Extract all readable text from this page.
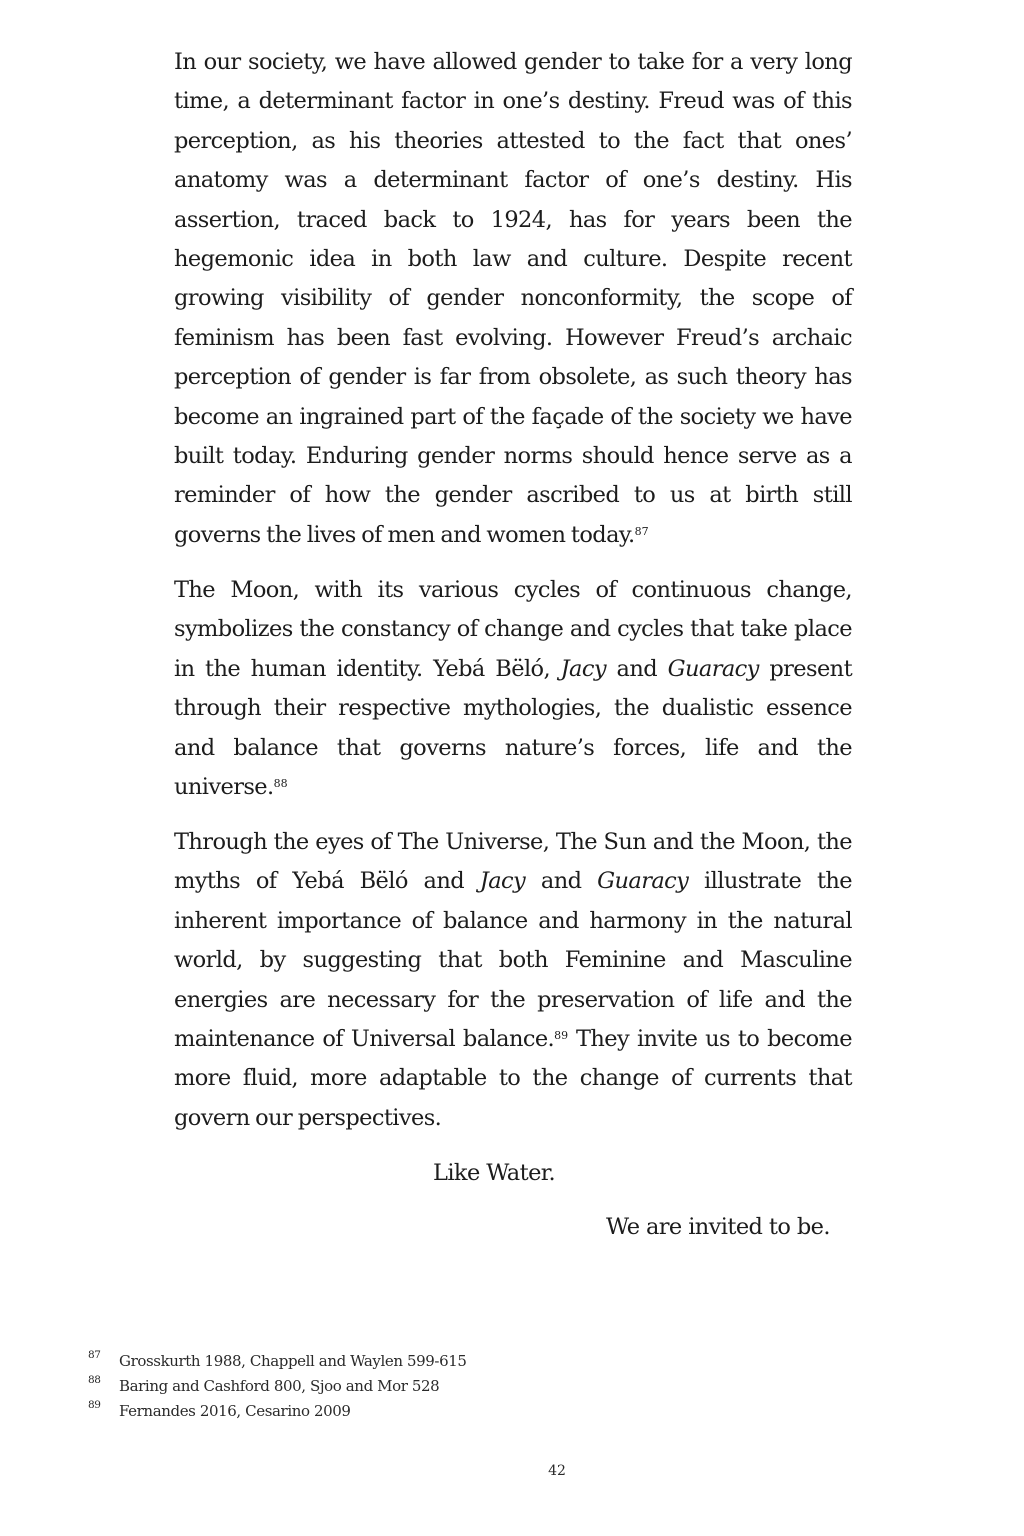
In our society, we have allowed gender to take for a very long time, a determinant factor in one’s destiny. Freud was of this perception, as his theories attested to the fact that ones’ anatomy was a determinant factor of one’s destiny. His assertion, traced back to 1924, has for years been the hegemonic idea in both law and culture. Despite recent growing visibility of gender nonconformity, the scope of feminism has been fast evolving. However Freud’s archaic perception of gender is far from obsolete, as such theory has become an ingrained part of the façade of the society we have built today. Enduring gender norms should hence serve as a reminder of how the gender ascribed to us at birth still governs the lives of men and women today.$^{87}$

The Moon, with its various cycles of continuous change, symbolizes the constancy of change and cycles that take place in the human identity. Yebá Bëló, Jacy and Guaracy present through their respective mythologies, the dualistic essence and balance that governs nature’s forces, life and the universe.$^{88}$

Through the eyes of The Universe, The Sun and the Moon, the myths of Yebá Bëló and Jacy and Guaracy illustrate the inherent importance of balance and harmony in the natural world, by suggesting that both Feminine and Masculine energies are necessary for the preservation of life and the maintenance of Universal balance.$^{89}$ They invite us to become more fluid, more adaptable to the change of currents that govern our perspectives.

Like Water.
We are invited to be.
87 Grosskurth 1988, Chappell and Waylen 599-615
88 Baring and Cashford 800, Sjoo and Mor 528
89 Fernandes 2016, Cesarino 2009
42
